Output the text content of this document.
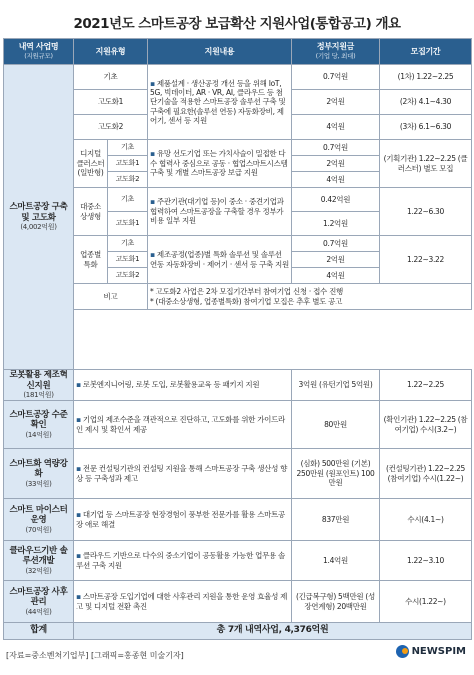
2021년도 스마트공장 보급확산 지원사업(통합공고) 개요
내역 사업명
(지원규모)	지원유형		지원내용	정부지원금
(기업 당, 최대)	모집기간
스마트공장 구축 및 고도화
(4,002억원)	기초		▪ 제품설계 · 생산공정 개선 등을 위해 IoT, 5G, 빅데이터, AR · VR, AI, 클라우드 등 첨단기술을 적용한 스마트공장 솔루션 구축 및 구축에 필요한(솔루션 연동) 자동화장비, 제어기, 센서 등 지원	0.7억원	(1차) 1.22~2.25
	고도화1			2억원	(2차) 4.1~4.30
	고도화2			4억원	(3차) 6.1~6.30
	디지털 클러스터 (일반형)	기초	▪ 유망 선도기업 또는 가치사슬이 밀접한 다수 협력사 중심으로 공동 · 협업스마트시스템 구축 및 개별 스마트공장 보급 지원	0.7억원	(기획기관) 1.22~2.25 (클러스터) 별도 모집
		고도화1		2억원	
		고도화2		4억원	
	대중소 상생형	기초	▪ 주관기관(대기업 등)이 중소 · 중견기업과 협력하여 스마트공장을 구축할 경우 정부가 비용 일부 지원	0.42억원	1.22~6.30
		고도화1		1.2억원	
	업종별 특화	기초	▪ 제조공정(업종)별 특화 솔루션 및 솔루션 연동 자동화장비 · 제어기 · 센서 등 구축 지원	0.7억원	1.22~3.22
		고도화1		2억원	
		고도화2		4억원	
	비고		* 고도화2 사업은 2차 모집기간부터 참여기업 신청 · 접수 진행
* (대중소상생형, 업종별특화) 참여기업 모집은 추후 별도 공고		

로봇활용 제조혁신지원
(181억원)	▪ 로봇엔지니어링, 로봇 도입, 로봇활용교육 등 패키지 지원			3억원 (유턴기업 5억원)	1.22~2.25
스마트공장 수준확인
(14억원)	▪ 기업의 제조수준을 객관적으로 진단하고, 고도화를 위한 가이드라인 제시 및 확인서 제공			80만원	(확인기관) 1.22~2.25 (참여기업) 수시(3.2~)
스마트화 역량강화
(33억원)	▪ 전문 컨설팅기관의 컨설팅 지원을 통해 스마트공장 구축 생산성 향상 등 구축성과 제고			(심화) 500만원 (기본) 250만원 (원포인트) 100만원	(컨설팅기관) 1.22~2.25 (참여기업) 수시(1.22~)
스마트 마이스터 운영
(70억원)	▪ 대기업 등 스마트공장 현장경험이 풍부한 전문가를 활용 스마트공장 애로 해결			837만원	수시(4.1~)
클라우드기반 솔루션개발
(32억원)	▪ 클라우드 기반으로 다수의 중소기업이 공동활용 가능한 업무용 솔루션 구축 지원			1.4억원	1.22~3.10
스마트공장 사후관리
(44억원)	▪ 스마트공장 도입기업에 대한 사후관리 지원을 통한 운영 효율성 제고 및 디지털 전환 촉진			(긴급복구형) 5백만원 (성장연계형) 20백만원	수시(1.22~)
합계	총 7개 내역사업, 4,376억원				
[자료=중소벤처기업부] [그래픽=홍종현 미술기자]	NEWSPIM
